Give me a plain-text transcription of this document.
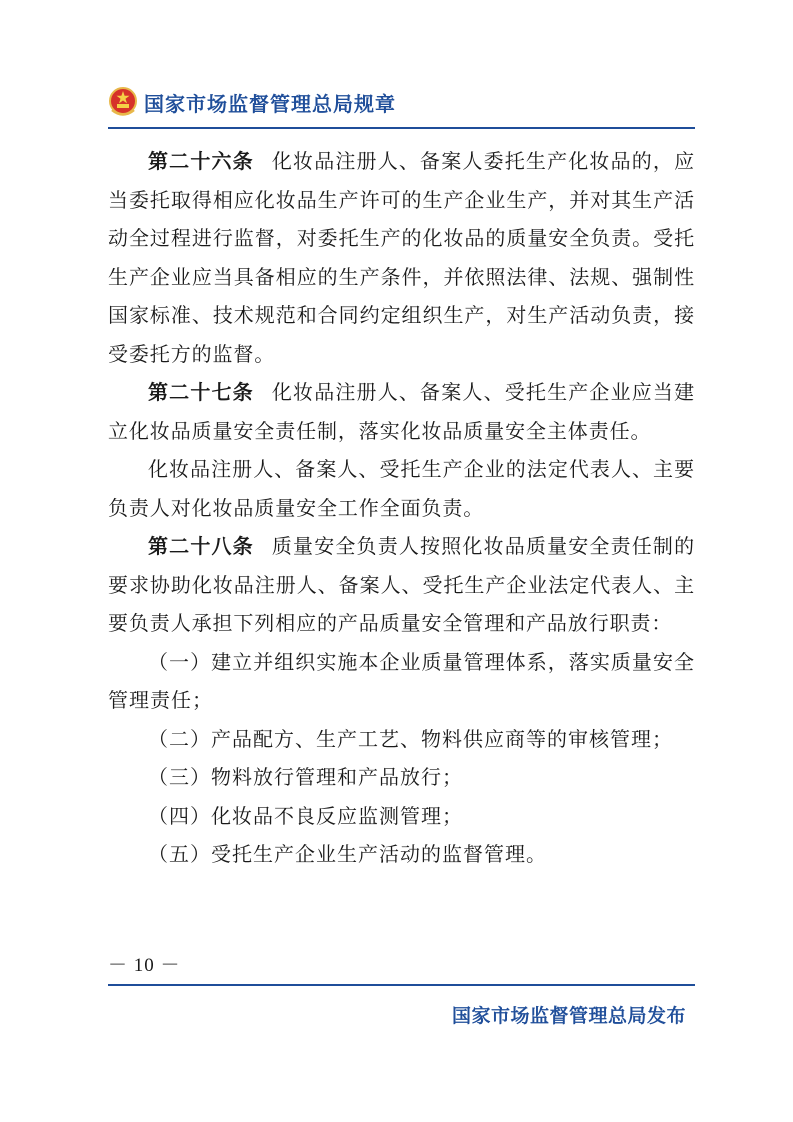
国家市场监督管理总局规章

第二十六条 化妆品注册人、备案人委托生产化妆品的，应当委托取得相应化妆品生产许可的生产企业生产，并对其生产活动全过程进行监督，对委托生产的化妆品的质量安全负责。受托生产企业应当具备相应的生产条件，并依照法律、法规、强制性国家标准、技术规范和合同约定组织生产，对生产活动负责，接受委托方的监督。

第二十七条 化妆品注册人、备案人、受托生产企业应当建立化妆品质量安全责任制，落实化妆品质量安全主体责任。

化妆品注册人、备案人、受托生产企业的法定代表人、主要负责人对化妆品质量安全工作全面负责。

第二十八条 质量安全负责人按照化妆品质量安全责任制的要求协助化妆品注册人、备案人、受托生产企业法定代表人、主要负责人承担下列相应的产品质量安全管理和产品放行职责：

（一）建立并组织实施本企业质量管理体系，落实质量安全管理责任；

（二）产品配方、生产工艺、物料供应商等的审核管理；

（三）物料放行管理和产品放行；

（四）化妆品不良反应监测管理；

（五）受托生产企业生产活动的监督管理。

－ 10 －
国家市场监督管理总局发布
